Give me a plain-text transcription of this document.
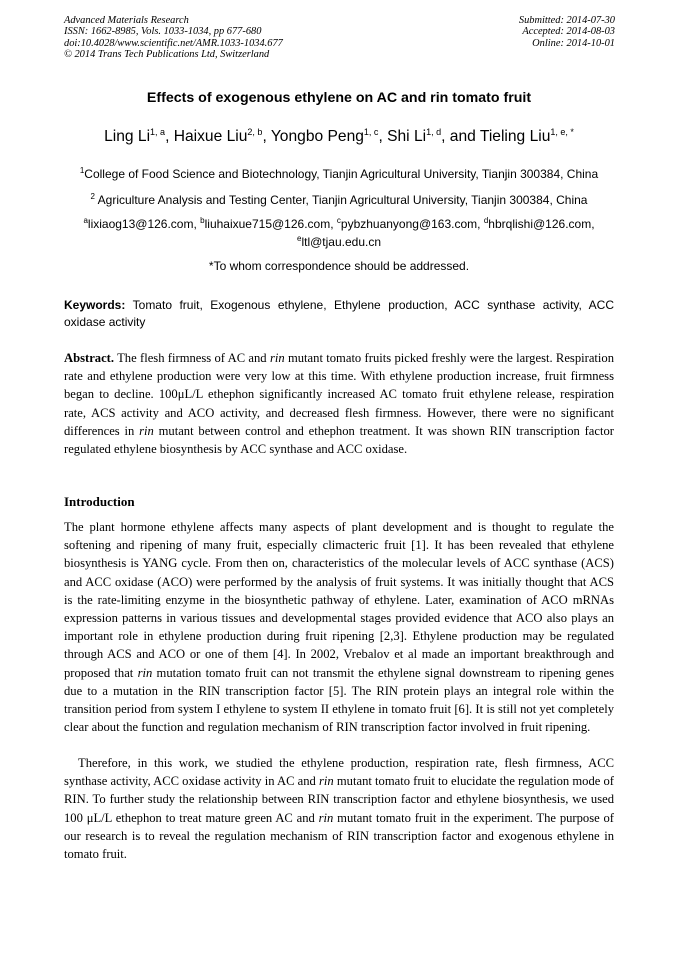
Advanced Materials Research
ISSN: 1662-8985, Vols. 1033-1034, pp 677-680
doi:10.4028/www.scientific.net/AMR.1033-1034.677
© 2014 Trans Tech Publications Ltd, Switzerland
Submitted: 2014-07-30
Accepted: 2014-08-03
Online: 2014-10-01
Effects of exogenous ethylene on AC and rin tomato fruit
Ling Li$^{1, a}$, Haixue Liu$^{2, b}$, Yongbo Peng$^{1, c}$, Shi Li$^{1, d}$, and Tieling Liu$^{1, e, *}$
$^1$College of Food Science and Biotechnology, Tianjin Agricultural University, Tianjin 300384, China
$^2$ Agriculture Analysis and Testing Center, Tianjin Agricultural University, Tianjin 300384, China
$^a$lixiaog13@126.com, $^b$liuhaixue715@126.com, $^c$pybzhuanyong@163.com, $^d$hbrqlishi@126.com,
$^e$ltl@tjau.edu.cn
*To whom correspondence should be addressed.
Keywords: Tomato fruit, Exogenous ethylene, Ethylene production, ACC synthase activity, ACC oxidase activity
Abstract. The flesh firmness of AC and rin mutant tomato fruits picked freshly were the largest. Respiration rate and ethylene production were very low at this time. With ethylene production increase, fruit firmness began to decline. 100μL/L ethephon significantly increased AC tomato fruit ethylene release, respiration rate, ACS activity and ACO activity, and decreased flesh firmness. However, there were no significant differences in rin mutant between control and ethephon treatment. It was shown RIN transcription factor regulated ethylene biosynthesis by ACC synthase and ACC oxidase.
Introduction
The plant hormone ethylene affects many aspects of plant development and is thought to regulate the softening and ripening of many fruit, especially climacteric fruit [1]. It has been revealed that ethylene biosynthesis is YANG cycle. From then on, characteristics of the molecular levels of ACC synthase (ACS) and ACC oxidase (ACO) were performed by the analysis of fruit systems. It was initially thought that ACS is the rate-limiting enzyme in the biosynthetic pathway of ethylene. Later, examination of ACO mRNAs expression patterns in various tissues and developmental stages provided evidence that ACO also plays an important role in ethylene production during fruit ripening [2,3]. Ethylene production may be regulated through ACS and ACO or one of them [4]. In 2002, Vrebalov et al made an important breakthrough and proposed that rin mutation tomato fruit can not transmit the ethylene signal downstream to ripening genes due to a mutation in the RIN transcription factor [5]. The RIN protein plays an integral role within the transition period from system I ethylene to system II ethylene in tomato fruit [6]. It is still not yet completely clear about the function and regulation mechanism of RIN transcription factor involved in fruit ripening.
Therefore, in this work, we studied the ethylene production, respiration rate, flesh firmness, ACC synthase activity, ACC oxidase activity in AC and rin mutant tomato fruit to elucidate the regulation mode of RIN. To further study the relationship between RIN transcription factor and ethylene biosynthesis, we used 100 μL/L ethephon to treat mature green AC and rin mutant tomato fruit in the experiment. The purpose of our research is to reveal the regulation mechanism of RIN transcription factor and exogenous ethylene in tomato fruit.
